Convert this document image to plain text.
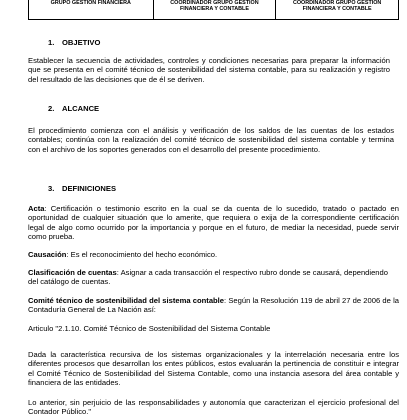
GRUPO GESTION FINANCIERA	COORDINADOR GRUPO GESTION FINANCIERA Y CONTABLE	COORDINADOR GRUPO GESTION FINANCIERA Y CONTABLE
1. OBJETIVO

Establecer la secuencia de actividades, controles y condiciones necesarias para preparar la información que se presenta en el comité técnico de sostenibilidad del sistema contable, para su realización y registro del resultado de las decisiones que de él se deriven.

2. ALCANCE

El procedimiento comienza con el análisis y verificación de los saldos de las cuentas de los estados contables; continúa con la realización del comité técnico de sostenibilidad del sistema contable y termina con el archivo de los soportes generados con el desarrollo del presente procedimiento.

3. DEFINICIONES

Acta: Certificación o testimonio escrito en la cual se da cuenta de lo sucedido, tratado o pactado en oportunidad de cualquier situación que lo amerite, que requiera o exija de la correspondiente certificación legal de algo como ocurrido por la importancia y porque en el futuro, de mediar la necesidad, puede servir como prueba.

Causación: Es el reconocimiento del hecho económico.

Clasificación de cuentas: Asignar a cada transacción el respectivo rubro donde se causará, dependiendo del catálogo de cuentas.

Comité técnico de sostenibilidad del sistema contable: Según la Resolución 119 de abril 27 de 2006 de la Contaduría General de La Nación así:

Articulo "2.1.10. Comité Técnico de Sostenibilidad del Sistema Contable

Dada la característica recursiva de los sistemas organizacionales y la interrelación necesaria entre los diferentes procesos que desarrollan los entes públicos, estos evaluarán la pertinencia de constituir e integrar el Comité Técnico de Sostenibilidad del Sistema Contable, como una instancia asesora del área contable y financiera de las entidades.

Lo anterior, sin perjuicio de las responsabilidades y autonomía que caracterizan el ejercicio profesional del Contador Público."
